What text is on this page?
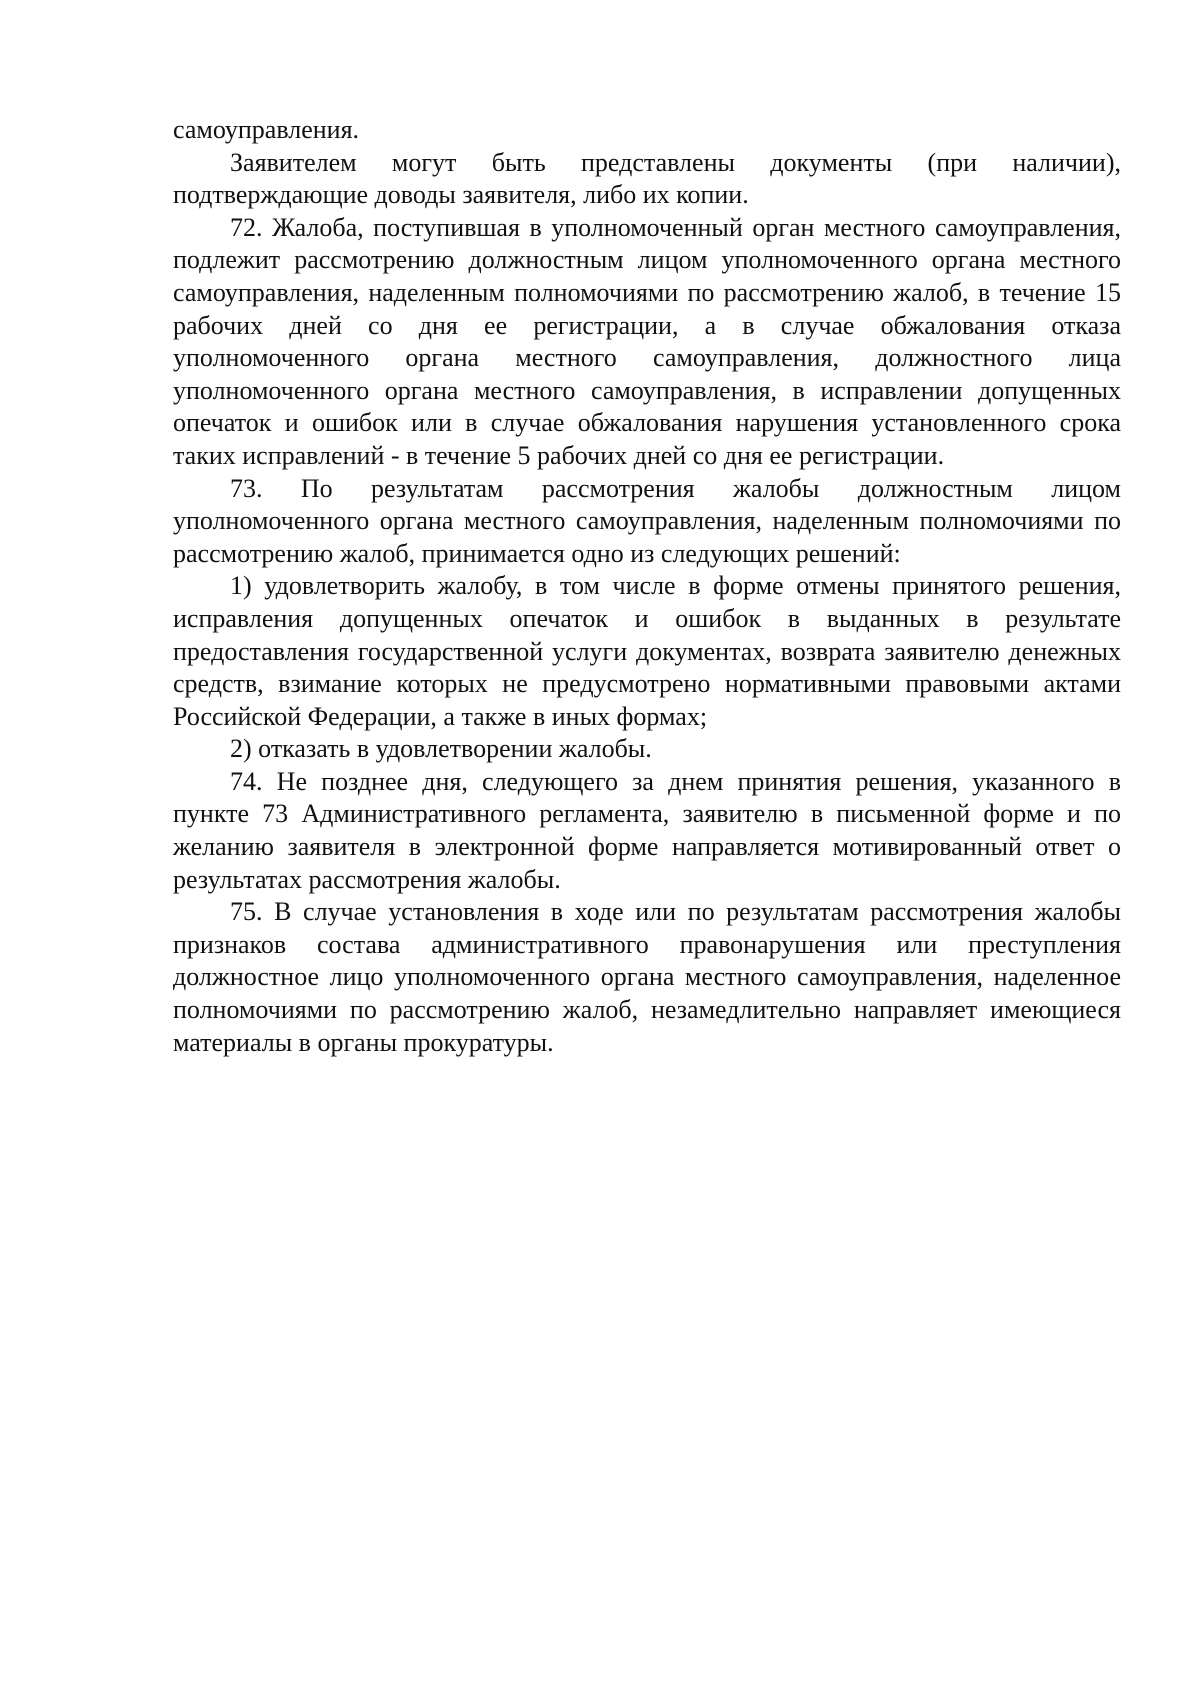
самоуправления.

Заявителем могут быть представлены документы (при наличии), подтверждающие доводы заявителя, либо их копии.

72. Жалоба, поступившая в уполномоченный орган местного самоуправления, подлежит рассмотрению должностным лицом уполномоченного органа местного самоуправления, наделенным полномочиями по рассмотрению жалоб, в течение 15 рабочих дней со дня ее регистрации, а в случае обжалования отказа уполномоченного органа местного самоуправления, должностного лица уполномоченного органа местного самоуправления, в исправлении допущенных опечаток и ошибок или в случае обжалования нарушения установленного срока таких исправлений - в течение 5 рабочих дней со дня ее регистрации.

73. По результатам рассмотрения жалобы должностным лицом уполномоченного органа местного самоуправления, наделенным полномочиями по рассмотрению жалоб, принимается одно из следующих решений:

1) удовлетворить жалобу, в том числе в форме отмены принятого решения, исправления допущенных опечаток и ошибок в выданных в результате предоставления государственной услуги документах, возврата заявителю денежных средств, взимание которых не предусмотрено нормативными правовыми актами Российской Федерации, а также в иных формах;

2) отказать в удовлетворении жалобы.

74. Не позднее дня, следующего за днем принятия решения, указанного в пункте 73 Административного регламента, заявителю в письменной форме и по желанию заявителя в электронной форме направляется мотивированный ответ о результатах рассмотрения жалобы.

75. В случае установления в ходе или по результатам рассмотрения жалобы признаков состава административного правонарушения или преступления должностное лицо уполномоченного органа местного самоуправления, наделенное полномочиями по рассмотрению жалоб, незамедлительно направляет имеющиеся материалы в органы прокуратуры.
